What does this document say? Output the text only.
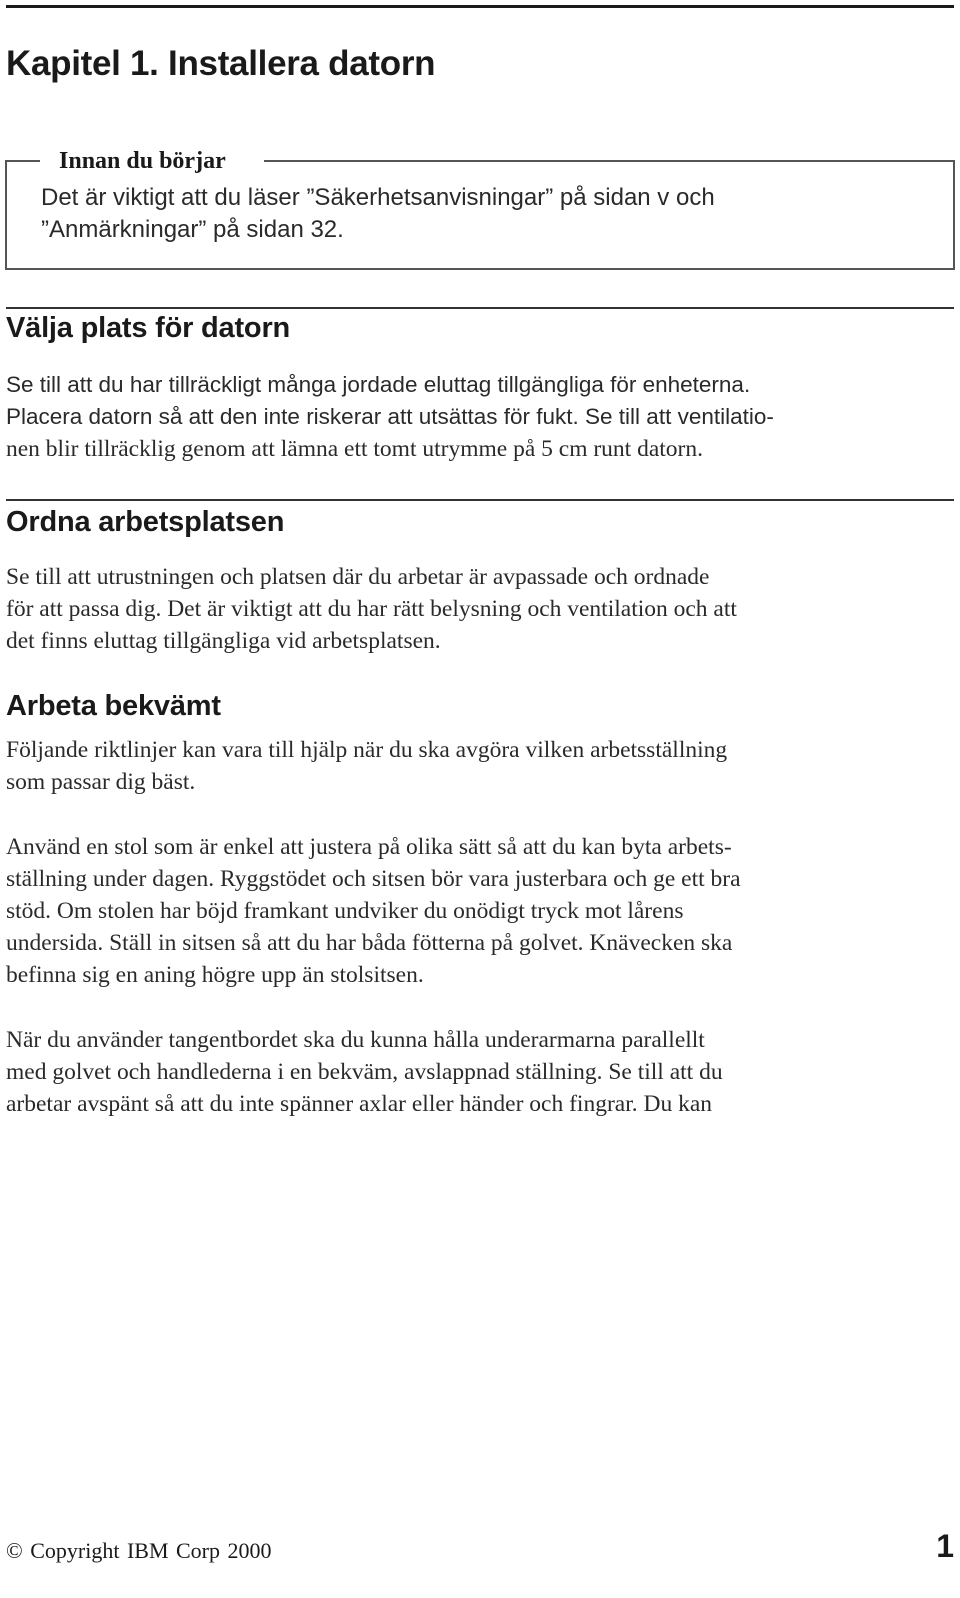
Kapitel 1. Installera datorn
Innan du börjar
Det är viktigt att du läser ”Säkerhetsanvisningar” på sidan v och
”Anmärkningar” på sidan 32.
Välja plats för datorn

Se till att du har tillräckligt många jordade eluttag tillgängliga för enheterna.
Placera datorn så att den inte riskerar att utsättas för fukt. Se till att ventilatio-
nen blir tillräcklig genom att lämna ett tomt utrymme på 5 cm runt datorn.

Ordna arbetsplatsen

Se till att utrustningen och platsen där du arbetar är avpassade och ordnade
för att passa dig. Det är viktigt att du har rätt belysning och ventilation och att
det finns eluttag tillgängliga vid arbetsplatsen.

Arbeta bekvämt

Följande riktlinjer kan vara till hjälp när du ska avgöra vilken arbetsställning
som passar dig bäst.

Använd en stol som är enkel att justera på olika sätt så att du kan byta arbets-
ställning under dagen. Ryggstödet och sitsen bör vara justerbara och ge ett bra
stöd. Om stolen har böjd framkant undviker du onödigt tryck mot lårens
undersida. Ställ in sitsen så att du har båda fötterna på golvet. Knävecken ska
befinna sig en aning högre upp än stolsitsen.

När du använder tangentbordet ska du kunna hålla underarmarna parallellt
med golvet och handlederna i en bekväm, avslappnad ställning. Se till att du
arbetar avspänt så att du inte spänner axlar eller händer och fingrar. Du kan

© Copyright IBM Corp 2000	1
